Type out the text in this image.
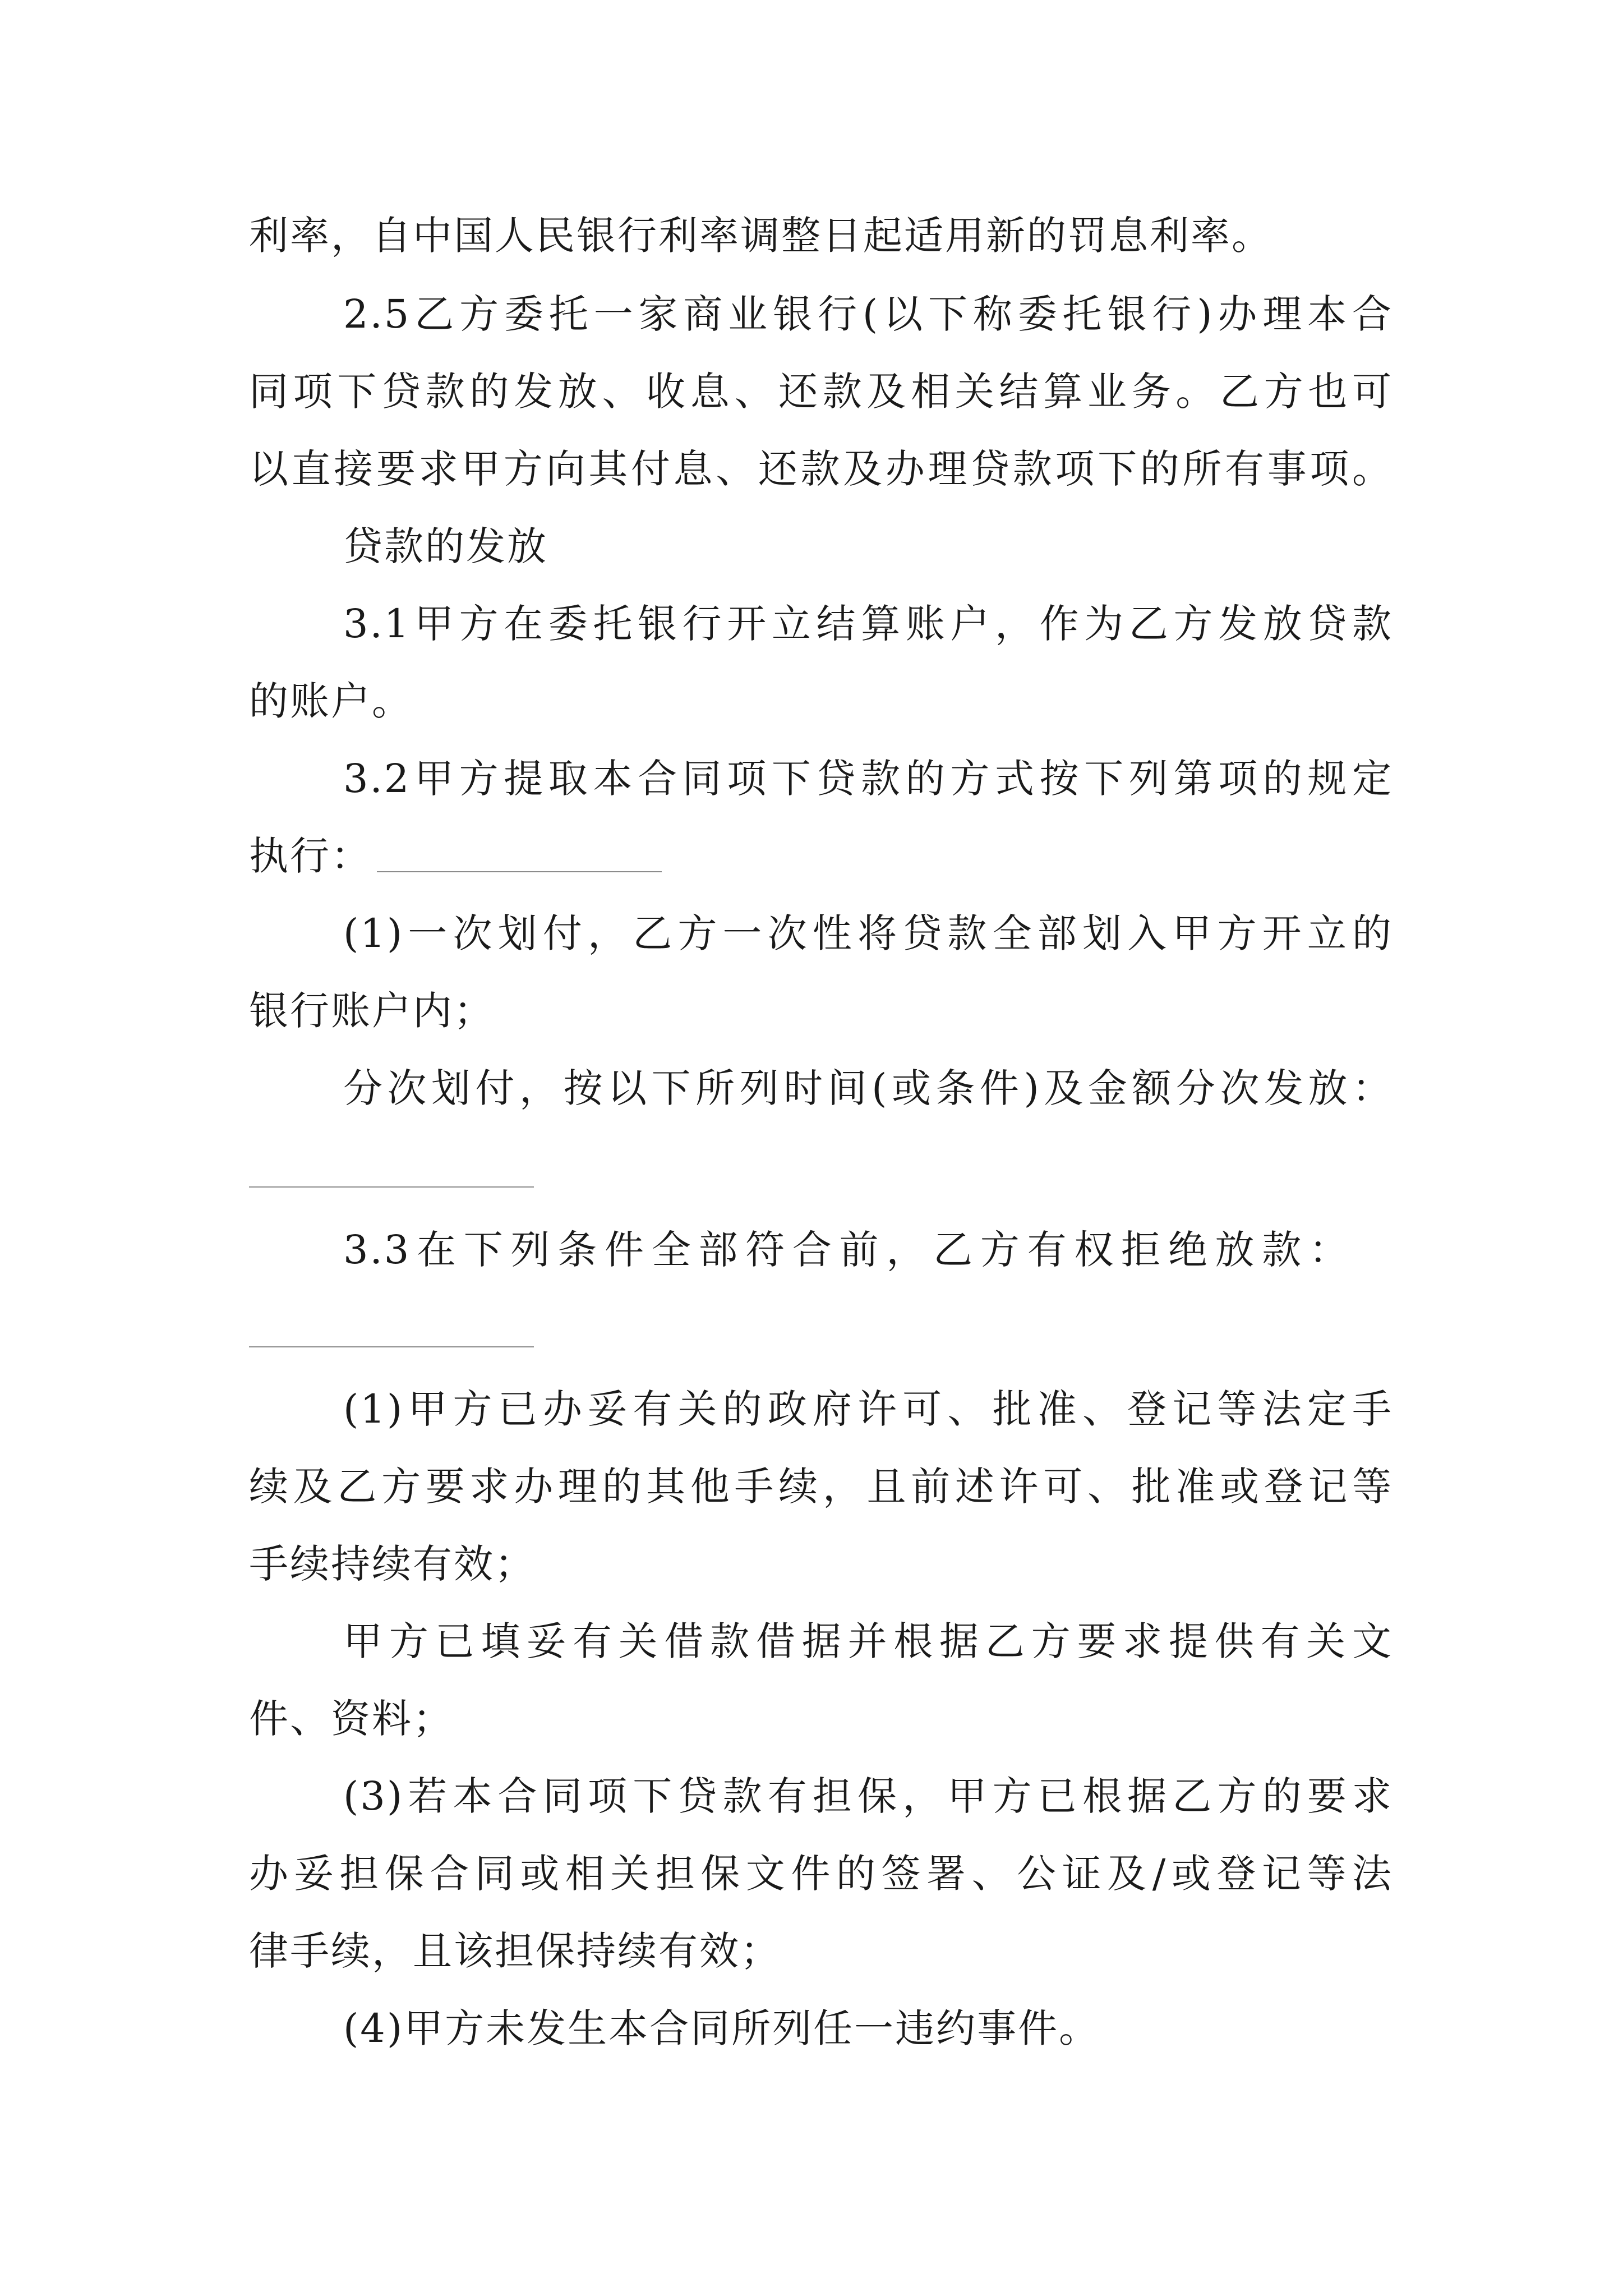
利率，自中国人民银行利率调整日起适用新的罚息利率。

2.5乙方委托一家商业银行(以下称委托银行)办理本合

同项下贷款的发放、收息、还款及相关结算业务。乙方也可

以直接要求甲方向其付息、还款及办理贷款项下的所有事项。

贷款的发放

3.1甲方在委托银行开立结算账户，作为乙方发放贷款

的账户。

3.2甲方提取本合同项下贷款的方式按下列第项的规定

执行：

(1)一次划付，乙方一次性将贷款全部划入甲方开立的

银行账户内；

分次划付，按以下所列时间(或条件)及金额分次发放：

3.3在下列条件全部符合前，乙方有权拒绝放款：

(1)甲方已办妥有关的政府许可、批准、登记等法定手

续及乙方要求办理的其他手续，且前述许可、批准或登记等

手续持续有效；

甲方已填妥有关借款借据并根据乙方要求提供有关文

件、资料；

(3)若本合同项下贷款有担保，甲方已根据乙方的要求

办妥担保合同或相关担保文件的签署、公证及/或登记等法

律手续，且该担保持续有效；

(4)甲方未发生本合同所列任一违约事件。
